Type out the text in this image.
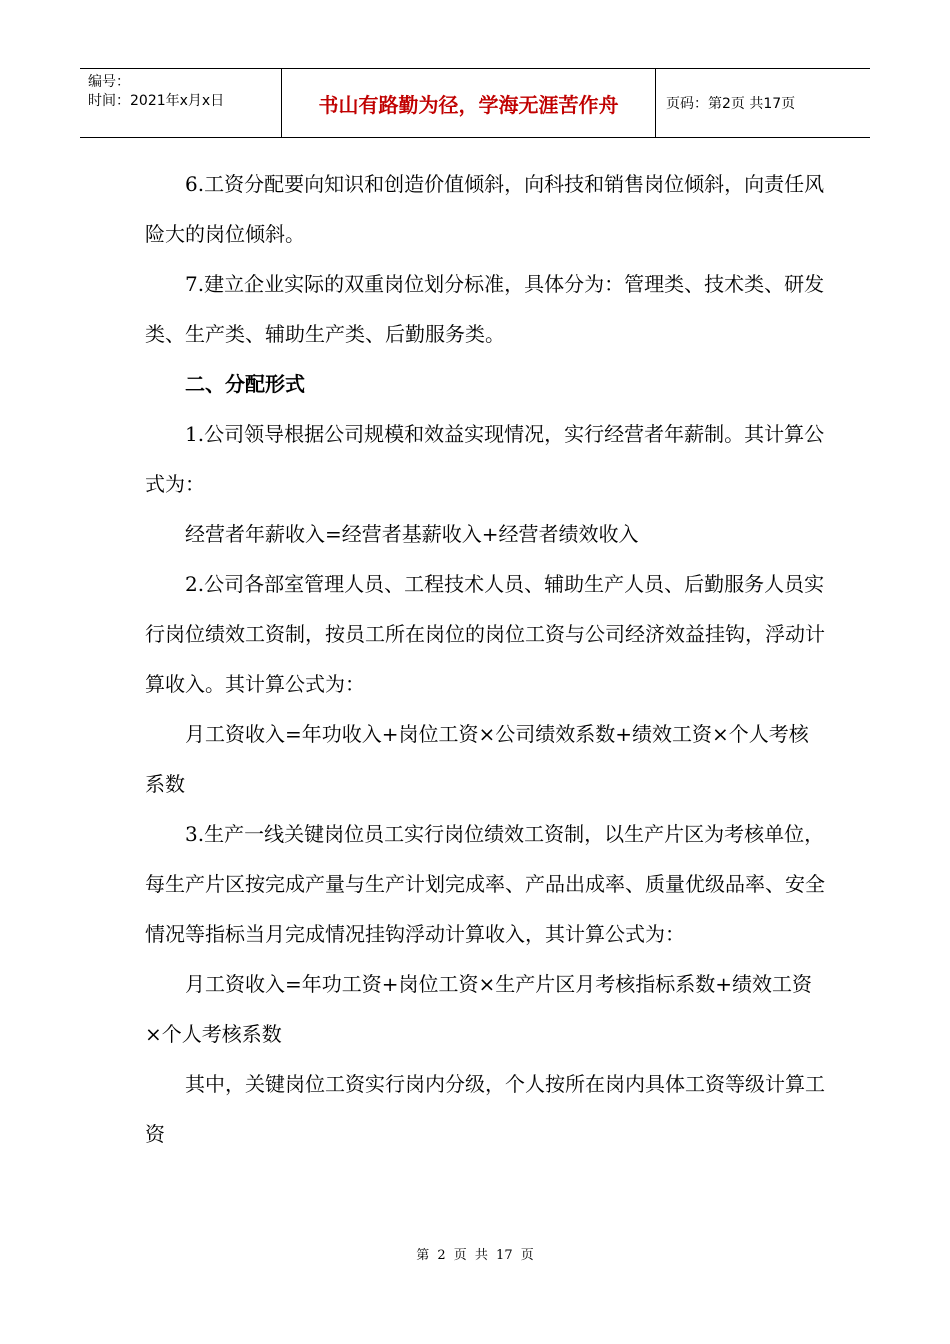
编号：
时间：2021年x月x日	书山有路勤为径，学海无涯苦作舟	页码：第2页 共17页

6.工资分配要向知识和创造价值倾斜，向科技和销售岗位倾斜，向责任风险大的岗位倾斜。

7.建立企业实际的双重岗位划分标准，具体分为：管理类、技术类、研发类、生产类、辅助生产类、后勤服务类。

二、分配形式

1.公司领导根据公司规模和效益实现情况，实行经营者年薪制。其计算公式为：

经营者年薪收入=经营者基薪收入+经营者绩效收入

2.公司各部室管理人员、工程技术人员、辅助生产人员、后勤服务人员实行岗位绩效工资制，按员工所在岗位的岗位工资与公司经济效益挂钩，浮动计算收入。其计算公式为：

月工资收入=年功收入+岗位工资×公司绩效系数+绩效工资×个人考核系数

3.生产一线关键岗位员工实行岗位绩效工资制，以生产片区为考核单位，每生产片区按完成产量与生产计划完成率、产品出成率、质量优级品率、安全情况等指标当月完成情况挂钩浮动计算收入，其计算公式为：

月工资收入=年功工资+岗位工资×生产片区月考核指标系数+绩效工资×个人考核系数

其中，关键岗位工资实行岗内分级，个人按所在岗内具体工资等级计算工资

第 2 页 共 17 页
